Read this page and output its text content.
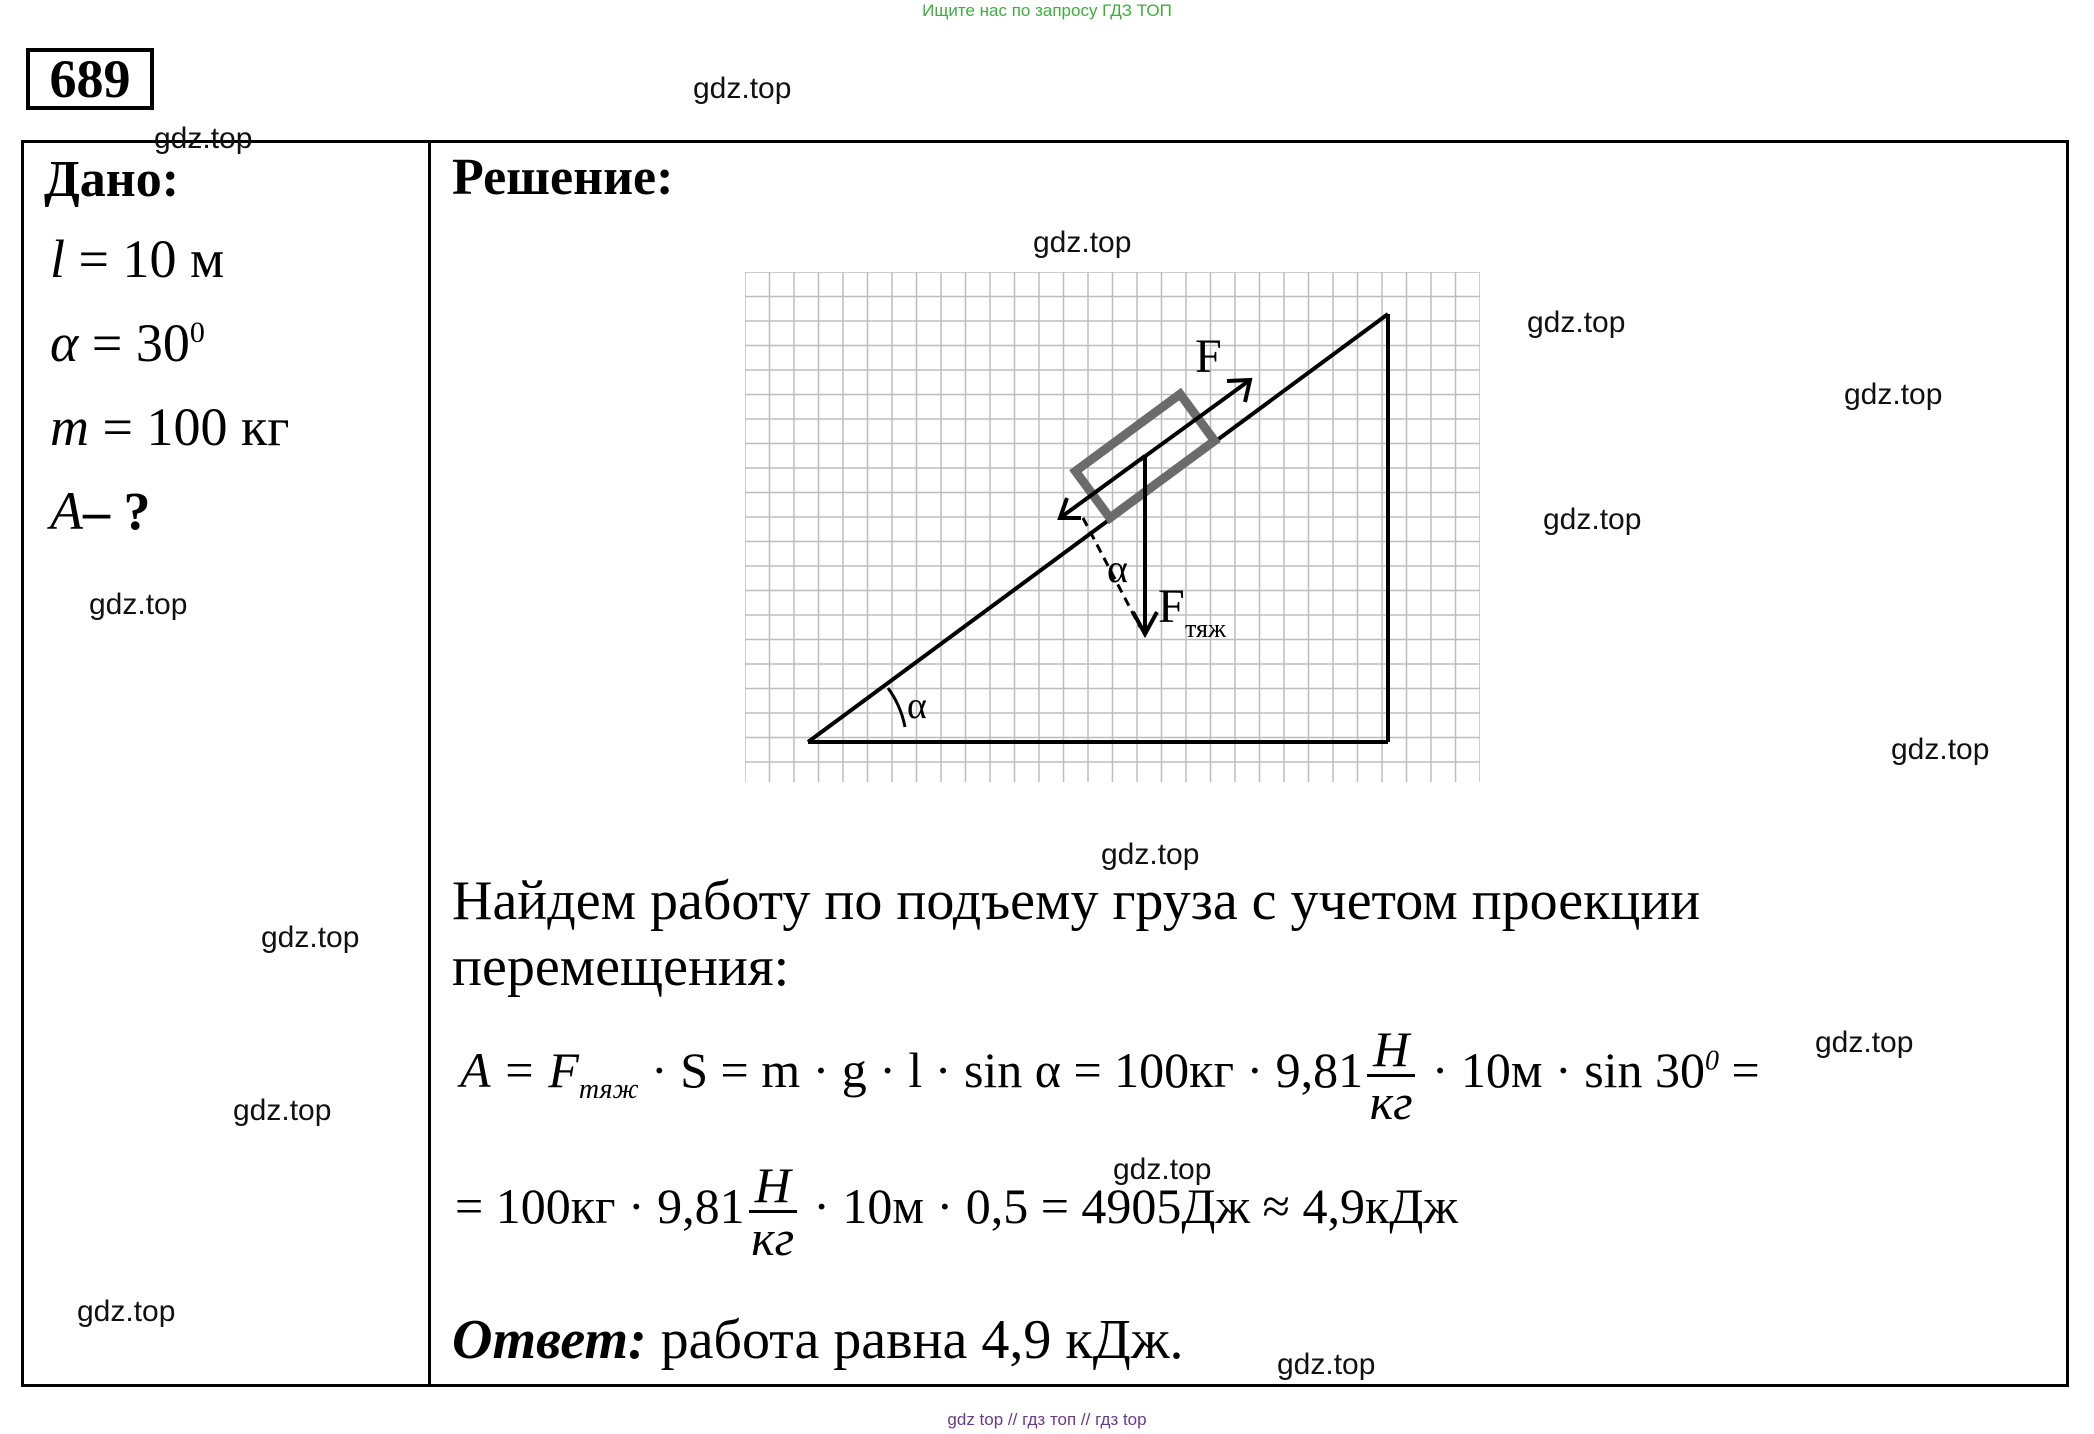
Ищите нас по запросу ГДЗ ТОП
689
Дано:
l = 10 м
$\alpha = 30^0$
m = 100 кг
A– ?
Решение:
F
F тяж
α
α
Найдем работу по подъему груза с учетом проекции перемещения:
$A = F_{тяж} \cdot S = m \cdot g \cdot l \cdot \sin \alpha = 100кг \cdot 9,81 \frac{Н}{кг} \cdot 10м \cdot \sin 30^0$ =
= $100кг \cdot 9,81 \frac{Н}{кг} \cdot 10м \cdot 0,5 = 4905Дж \approx 4,9кДж$
Ответ: работа равна 4,9 кДж.
gdz.top
gdz.top
gdz.top
gdz.top
gdz.top
gdz.top
gdz.top
gdz.top
gdz.top
gdz.top
gdz.top
gdz.top
gdz.top
gdz.top
gdz.top
gdz top // гдз топ // гдз top
